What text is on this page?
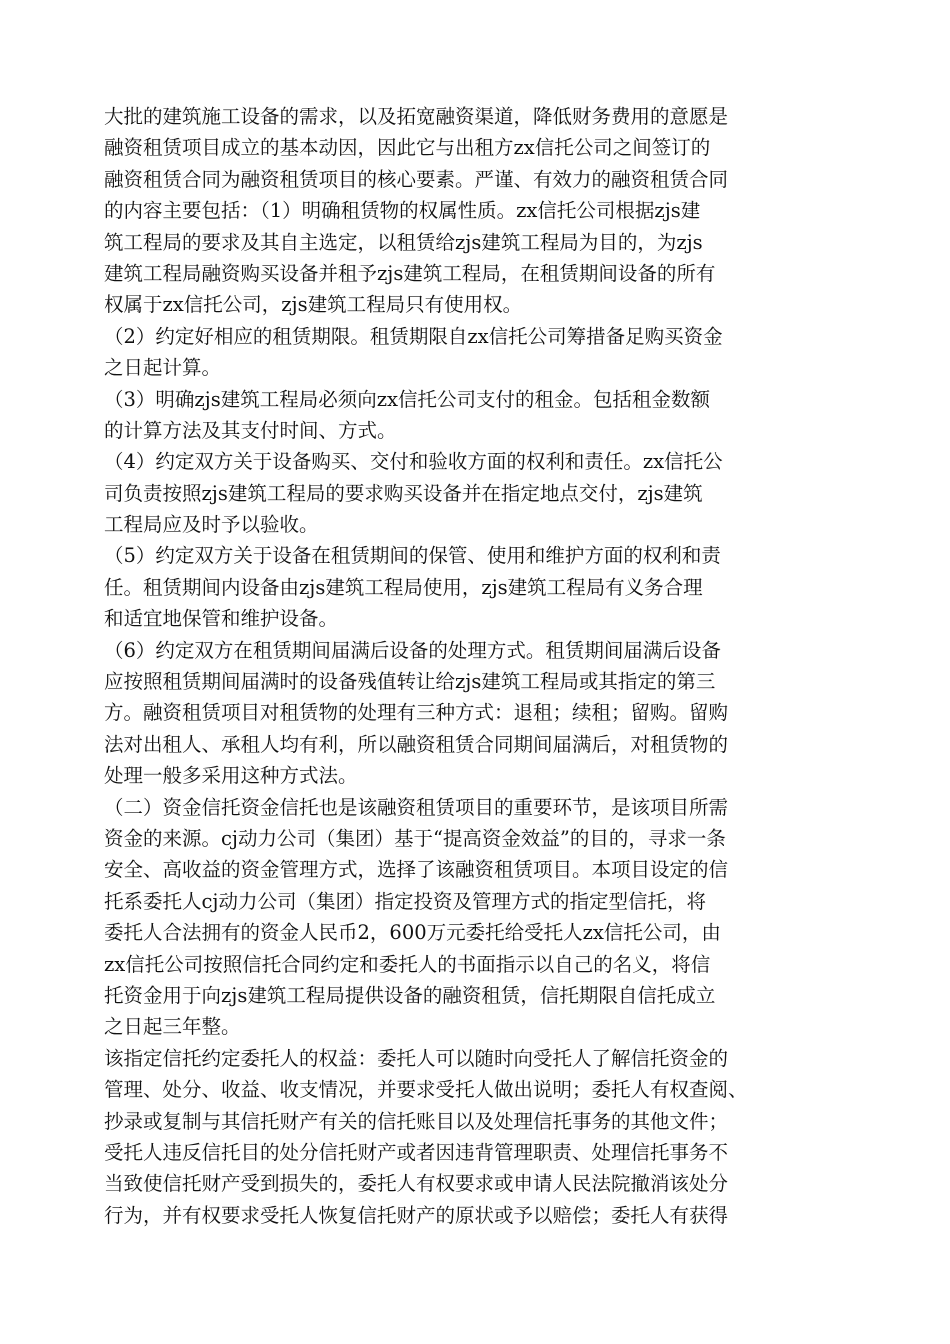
大批的建筑施工设备的需求，以及拓宽融资渠道，降低财务费用的意愿是
融资租赁项目成立的基本动因，因此它与出租方zx信托公司之间签订的
融资租赁合同为融资租赁项目的核心要素。严谨、有效力的融资租赁合同
的内容主要包括：（1）明确租赁物的权属性质。zx信托公司根据zjs建
筑工程局的要求及其自主选定，以租赁给zjs建筑工程局为目的，为zjs
建筑工程局融资购买设备并租予zjs建筑工程局，在租赁期间设备的所有
权属于zx信托公司，zjs建筑工程局只有使用权。
（2）约定好相应的租赁期限。租赁期限自zx信托公司筹措备足购买资金
之日起计算。
（3）明确zjs建筑工程局必须向zx信托公司支付的租金。包括租金数额
的计算方法及其支付时间、方式。
（4）约定双方关于设备购买、交付和验收方面的权利和责任。zx信托公
司负责按照zjs建筑工程局的要求购买设备并在指定地点交付，zjs建筑
工程局应及时予以验收。
（5）约定双方关于设备在租赁期间的保管、使用和维护方面的权利和责
任。租赁期间内设备由zjs建筑工程局使用，zjs建筑工程局有义务合理
和适宜地保管和维护设备。
（6）约定双方在租赁期间届满后设备的处理方式。租赁期间届满后设备
应按照租赁期间届满时的设备残值转让给zjs建筑工程局或其指定的第三
方。融资租赁项目对租赁物的处理有三种方式：退租；续租；留购。留购
法对出租人、承租人均有利，所以融资租赁合同期间届满后，对租赁物的
处理一般多采用这种方式法。
（二）资金信托资金信托也是该融资租赁项目的重要环节，是该项目所需
资金的来源。cj动力公司（集团）基于“提高资金效益”的目的，寻求一条
安全、高收益的资金管理方式，选择了该融资租赁项目。本项目设定的信
托系委托人cj动力公司（集团）指定投资及管理方式的指定型信托，将
委托人合法拥有的资金人民币2，600万元委托给受托人zx信托公司，由
zx信托公司按照信托合同约定和委托人的书面指示以自己的名义，将信
托资金用于向zjs建筑工程局提供设备的融资租赁，信托期限自信托成立
之日起三年整。
该指定信托约定委托人的权益：委托人可以随时向受托人了解信托资金的
管理、处分、收益、收支情况，并要求受托人做出说明；委托人有权查阅、
抄录或复制与其信托财产有关的信托账目以及处理信托事务的其他文件；
受托人违反信托目的处分信托财产或者因违背管理职责、处理信托事务不
当致使信托财产受到损失的，委托人有权要求或申请人民法院撤消该处分
行为，并有权要求受托人恢复信托财产的原状或予以赔偿；委托人有获得
